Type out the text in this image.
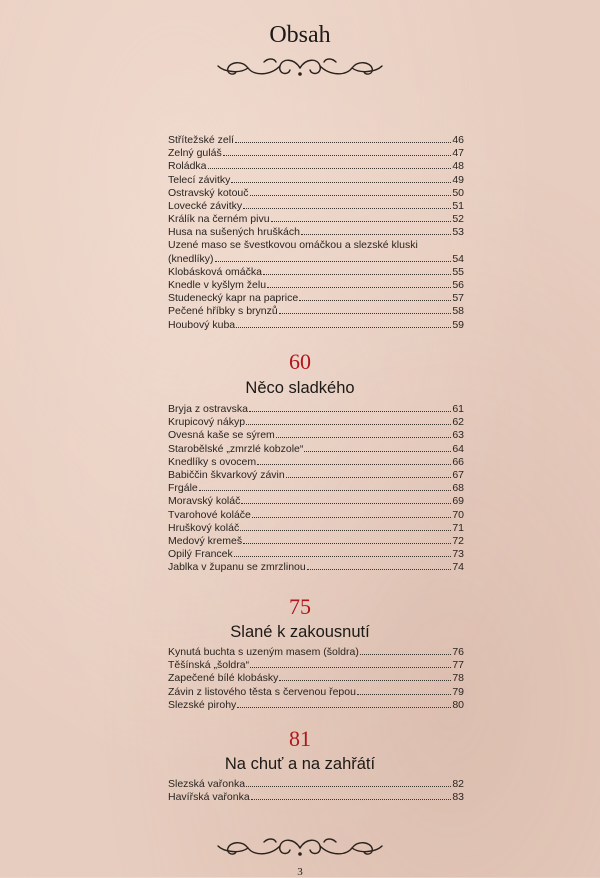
Obsah
Střítežské zelí	46
Zelný guláš	47
Roládka	48
Telecí závitky	49
Ostravský kotouč	50
Lovecké závitky	51
Králík na černém pivu	52
Husa na sušených hruškách	53
Uzené maso se švestkovou omáčkou a slezské kluski
(knedlíky)	54
Klobásková omáčka	55
Knedle v kyšlym želu	56
Studenecký kapr na paprice	57
Pečené hříbky s brynzů	58
Houbový kuba	59
60
Něco sladkého
Bryja z ostravska	61
Krupicový nákyp	62
Ovesná kaše se sýrem	63
Starobělské „zmrzlé kobzole“	64
Knedlíky s ovocem	66
Babiččin škvarkový závin	67
Frgále	68
Moravský koláč	69
Tvarohové koláče	70
Hruškový koláč	71
Medový kremeš	72
Opilý Francek	73
Jablka v županu se zmrzlinou	74
75
Slané k zakousnutí
Kynutá buchta s uzeným masem (šoldra)	76
Těšínská „šoldra“	77
Zapečené bílé klobásky	78
Závin z listového těsta s červenou řepou	79
Slezské pirohy	80
81
Na chuť a na zahřátí
Slezská vařonka	82
Havířská vařonka	83
3
